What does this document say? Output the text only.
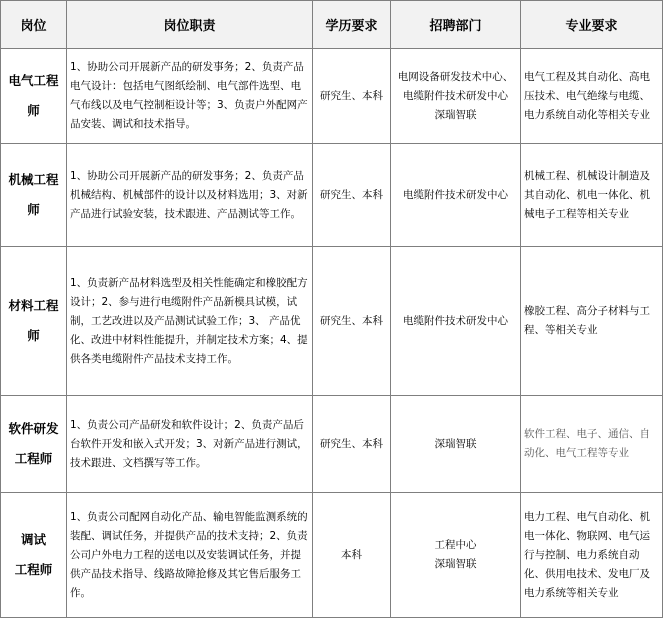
岗位	岗位职责	学历要求	招聘部门	专业要求

电气工程
师	1、协助公司开展新产品的研发事务；2、负责产品电气设计：包括电气图纸绘制、电气部件选型、电气布线以及电气控制柜设计等；3、负责户外配网产品安装、调试和技术指导。	研究生、本科	电网设备研发技术中心、
电缆附件技术研发中心
深瑞智联	电气工程及其自动化、高电压技术、电气绝缘与电缆、电力系统自动化等相关专业

机械工程
师	1、协助公司开展新产品的研发事务；2、负责产品机械结构、机械部件的设计以及材料选用；3、对新产品进行试验安装，技术跟进、产品测试等工作。	研究生、本科	电缆附件技术研发中心	机械工程、机械设计制造及其自动化、机电一体化、机械电子工程等相关专业

材料工程
师	1、负责新产品材料选型及相关性能确定和橡胶配方设计；2、参与进行电缆附件产品新模具试模，试制，工艺改进以及产品测试试验工作；3、 产品优化、改进中材料性能提升，并制定技术方案；4、提供各类电缆附件产品技术支持工作。	研究生、本科	电缆附件技术研发中心	橡胶工程、高分子材料与工程、等相关专业

软件研发
工程师	1、负责公司产品研发和软件设计；2、负责产品后台软件开发和嵌入式开发；3、对新产品进行测试，技术跟进、文档撰写等工作。	研究生、本科	深瑞智联	软件工程、电子、通信、自动化、电气工程等专业

调试
工程师	1、负责公司配网自动化产品、输电智能监测系统的装配、调试任务，并提供产品的技术支持；2、负责公司户外电力工程的送电以及安装调试任务，并提供产品技术指导、线路故障抢修及其它售后服务工作。	本科	工程中心
深瑞智联	电力工程、电气自动化、机电一体化、物联网、电气运行与控制、电力系统自动化、供用电技术、发电厂及电力系统等相关专业
